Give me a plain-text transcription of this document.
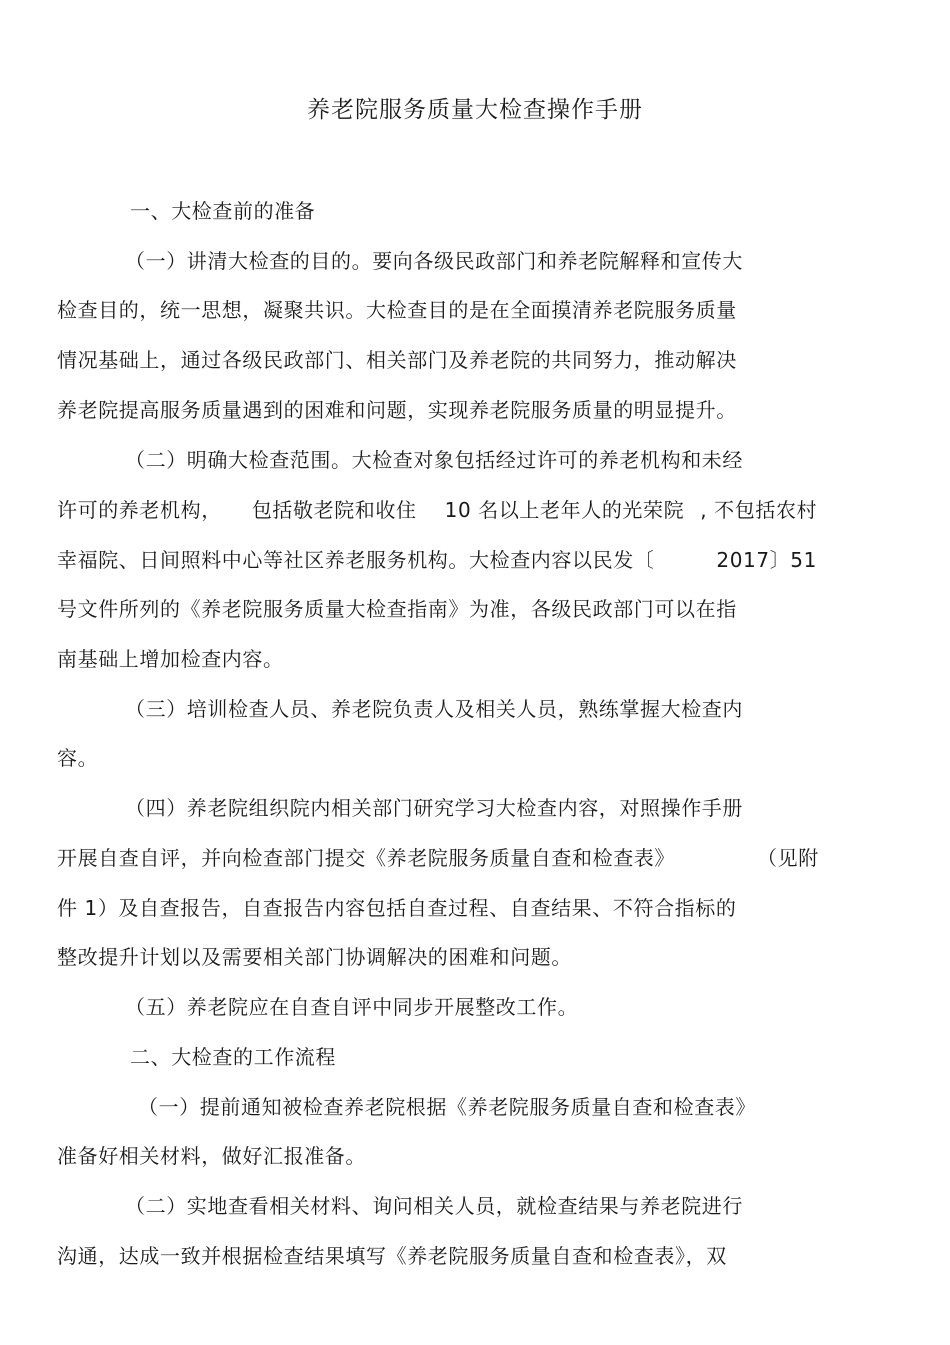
养老院服务质量大检查操作手册
一、大检查前的准备
（一）讲清大检查的目的。要向各级民政部门和养老院解释和宣传大
检查目的，统一思想，凝聚共识。大检查目的是在全面摸清养老院服务质量
情况基础上，通过各级民政部门、相关部门及养老院的共同努力，推动解决
养老院提高服务质量遇到的困难和问题，实现养老院服务质量的明显提升。
（二）明确大检查范围。大检查对象包括经过许可的养老机构和未经
许可的养老机构， 包括敬老院和收住 10 名以上老年人的光荣院 , 不包括农村
幸福院、日间照料中心等社区养老服务机构。大检查内容以民发〔	2017〕51
号文件所列的《养老院服务质量大检查指南》为准，各级民政部门可以在指
南基础上增加检查内容。
（三）培训检查人员、养老院负责人及相关人员，熟练掌握大检查内
容。
（四）养老院组织院内相关部门研究学习大检查内容，对照操作手册
开展自查自评，并向检查部门提交《养老院服务质量自查和检查表》	（见附
件 1）及自查报告，自查报告内容包括自查过程、自查结果、不符合指标的
整改提升计划以及需要相关部门协调解决的困难和问题。
（五）养老院应在自查自评中同步开展整改工作。
二、大检查的工作流程
（一）提前通知被检查养老院根据《养老院服务质量自查和检查表》
准备好相关材料，做好汇报准备。
（二）实地查看相关材料、询问相关人员，就检查结果与养老院进行
沟通，达成一致并根据检查结果填写《养老院服务质量自查和检查表》，双
